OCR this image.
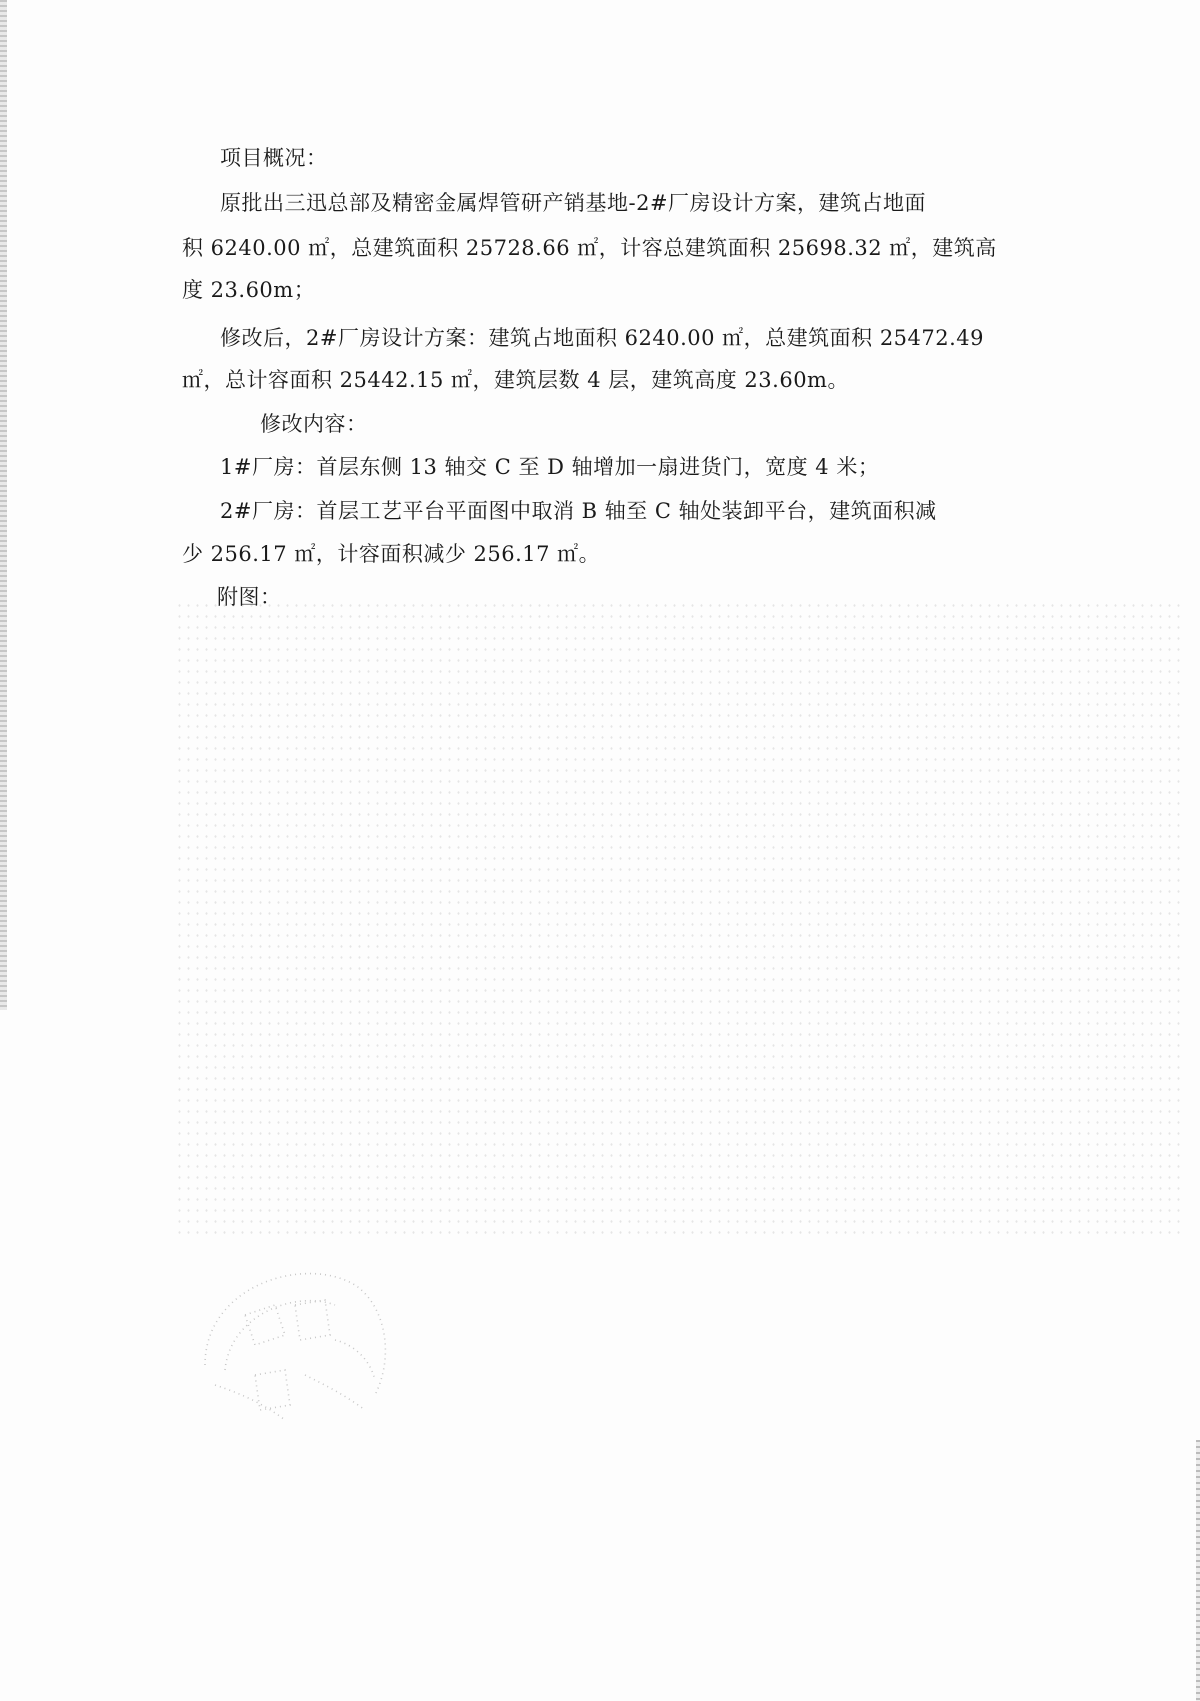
项目概况：
原批出三迅总部及精密金属焊管研产销基地-2#厂房设计方案，建筑占地面
积 6240.00 ㎡，总建筑面积 25728.66 ㎡，计容总建筑面积 25698.32 ㎡，建筑高
度 23.60m；
修改后，2#厂房设计方案：建筑占地面积 6240.00 ㎡，总建筑面积 25472.49
㎡，总计容面积 25442.15 ㎡，建筑层数 4 层，建筑高度 23.60m。
修改内容：
1#厂房：首层东侧 13 轴交 C 至 D 轴增加一扇进货门，宽度 4 米；
2#厂房：首层工艺平台平面图中取消 B 轴至 C 轴处装卸平台，建筑面积减
少 256.17 ㎡，计容面积减少 256.17 ㎡。
附图：
